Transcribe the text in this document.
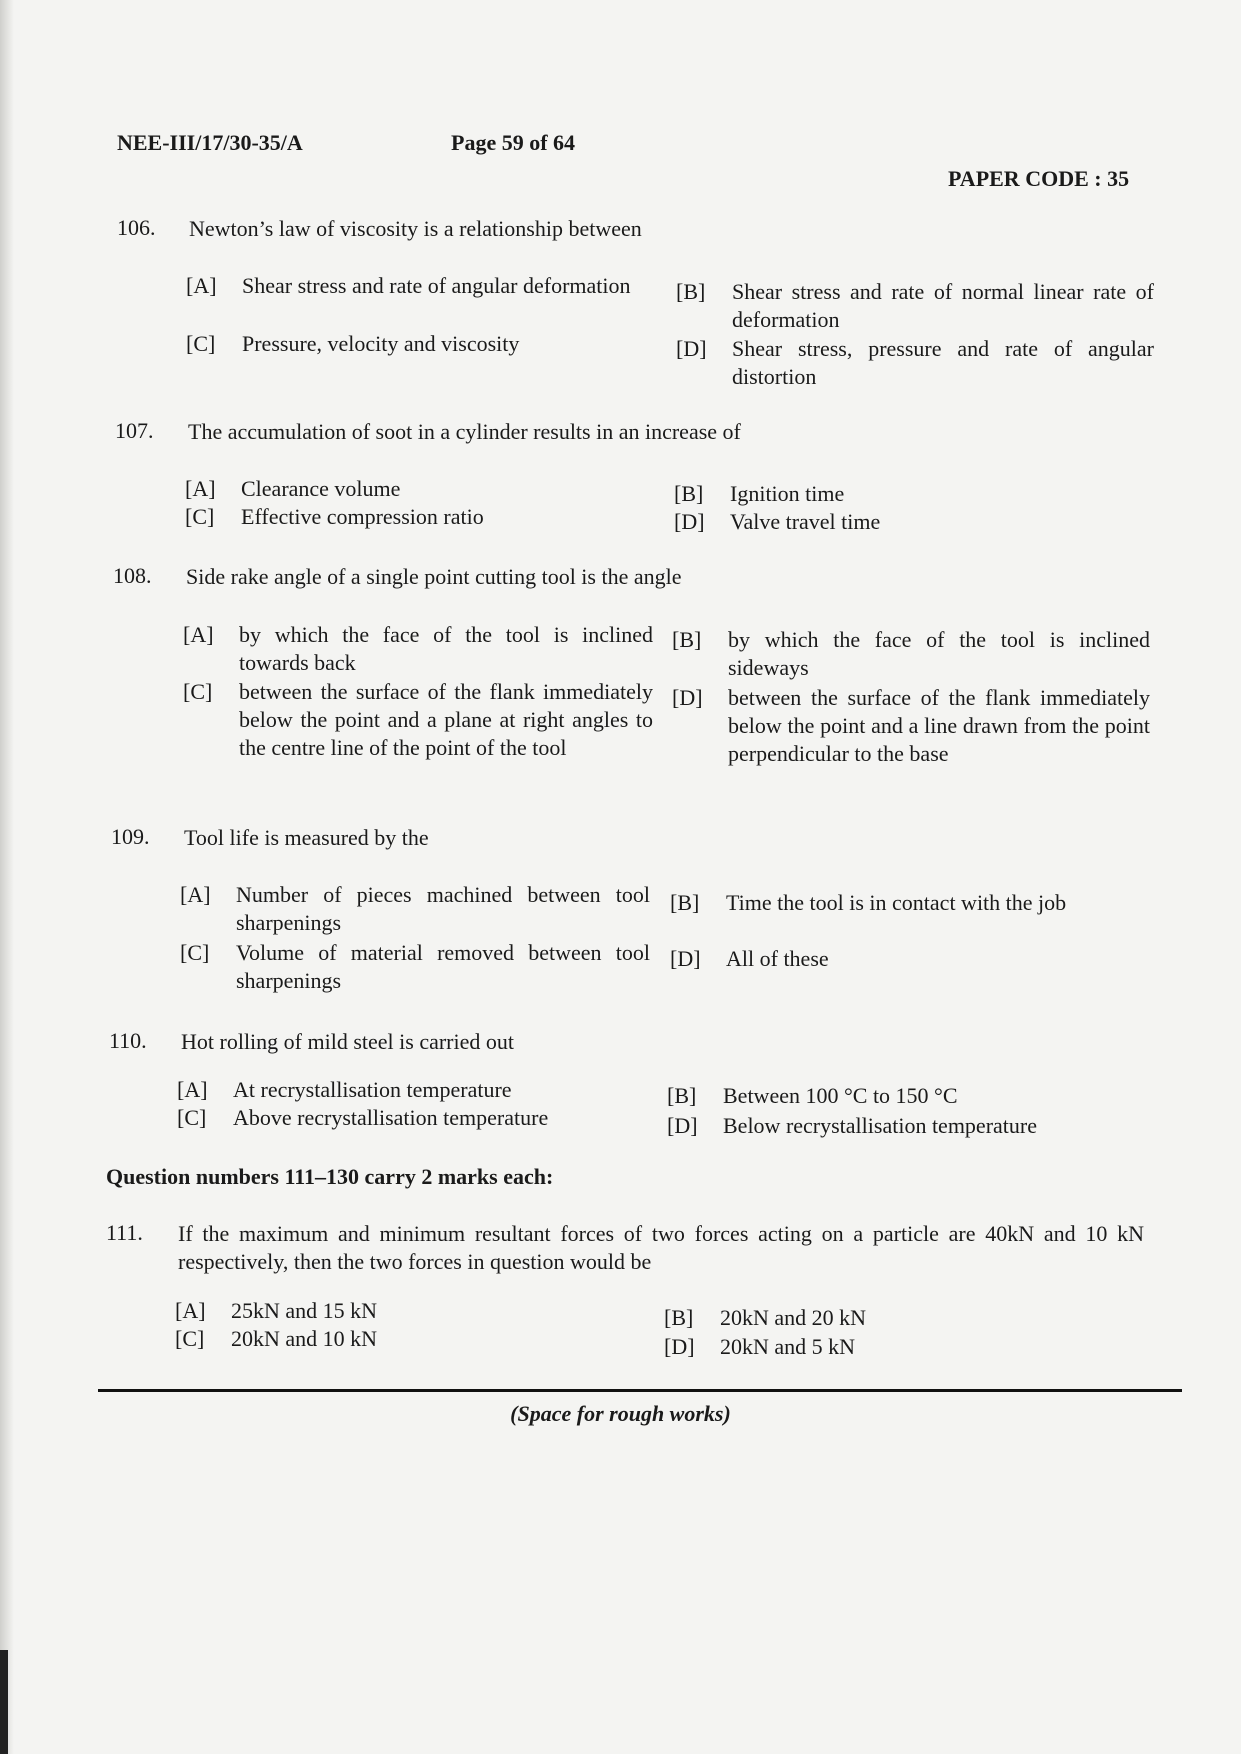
NEE-III/17/30-35/A	Page 59 of 64
PAPER CODE : 35
106. Newton’s law of viscosity is a relationship between
[A]	Shear stress and rate of angular deformation	[B]	Shear stress and rate of normal linear rate of deformation
[C]	Pressure, velocity and viscosity	[D]	Shear stress, pressure and rate of angular distortion
107. The accumulation of soot in a cylinder results in an increase of
[A]	Clearance volume	[B]	Ignition time
[C]	Effective compression ratio	[D]	Valve travel time
108. Side rake angle of a single point cutting tool is the angle
[A]	by which the face of the tool is inclined towards back
[B]	by which the face of the tool is inclined sideways
[C]	between the surface of the flank immediately below the point and a plane at right angles to the centre line of the point of the tool
[D]	between the surface of the flank immediately below the point and a line drawn from the point perpendicular to the base
109. Tool life is measured by the
[A]	Number of pieces machined between tool sharpenings
[B]	Time the tool is in contact with the job
[C]	Volume of material removed between tool sharpenings
[D]	All of these
110. Hot rolling of mild steel is carried out
[A]	At recrystallisation temperature	[B]	Between 100 °C to 150 °C
[C]	Above recrystallisation temperature	[D]	Below recrystallisation temperature
Question numbers 111–130 carry 2 marks each:
111. If the maximum and minimum resultant forces of two forces acting on a particle are 40kN and 10 kN respectively, then the two forces in question would be
[A]	25kN and 15 kN	[B]	20kN and 20 kN
[C]	20kN and 10 kN	[D]	20kN and 5 kN
(Space for rough works)
